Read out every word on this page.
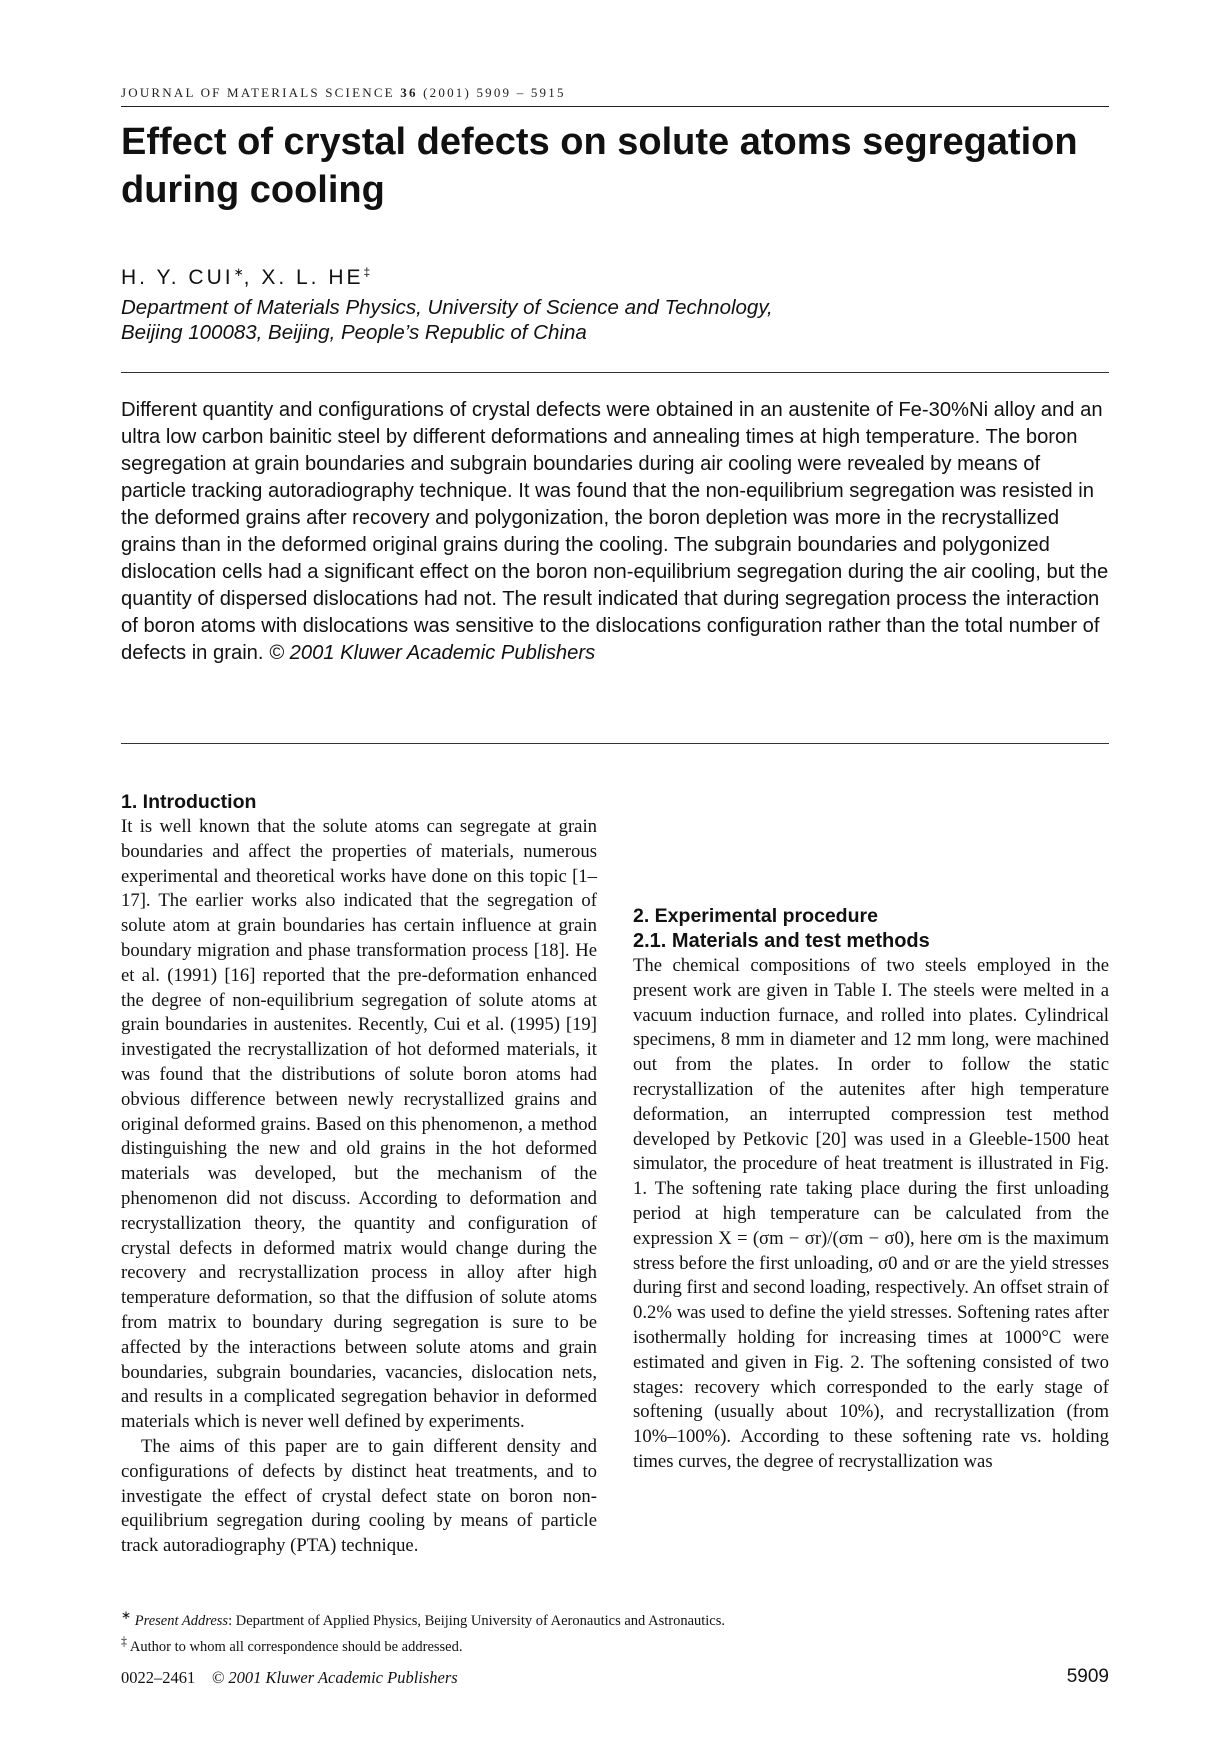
JOURNAL OF MATERIALS SCIENCE 36 (2001) 5909 – 5915
Effect of crystal defects on solute atoms segregation during cooling
H. Y. CUI∗, X. L. HE‡
Department of Materials Physics, University of Science and Technology,
Beijing 100083, Beijing, People’s Republic of China

Different quantity and configurations of crystal defects were obtained in an austenite of Fe-30%Ni alloy and an ultra low carbon bainitic steel by different deformations and annealing times at high temperature. The boron segregation at grain boundaries and subgrain boundaries during air cooling were revealed by means of particle tracking autoradiography technique. It was found that the non-equilibrium segregation was resisted in the deformed grains after recovery and polygonization, the boron depletion was more in the recrystallized grains than in the deformed original grains during the cooling. The subgrain boundaries and polygonized dislocation cells had a significant effect on the boron non-equilibrium segregation during the air cooling, but the quantity of dispersed dislocations had not. The result indicated that during segregation process the interaction of boron atoms with dislocations was sensitive to the dislocations configuration rather than the total number of defects in grain. © 2001 Kluwer Academic Publishers

1. Introduction

It is well known that the solute atoms can segregate at grain boundaries and affect the properties of materials, numerous experimental and theoretical works have done on this topic [1–17]. The earlier works also indicated that the segregation of solute atom at grain boundaries has certain influence at grain boundary migration and phase transformation process [18]. He et al. (1991) [16] reported that the pre-deformation enhanced the degree of non-equilibrium segregation of solute atoms at grain boundaries in austenites. Recently, Cui et al. (1995) [19] investigated the recrystallization of hot deformed materials, it was found that the distributions of solute boron atoms had obvious difference between newly recrystallized grains and original deformed grains. Based on this phenomenon, a method distinguishing the new and old grains in the hot deformed materials was developed, but the mechanism of the phenomenon did not discuss. According to deformation and recrystallization theory, the quantity and configuration of crystal defects in deformed matrix would change during the recovery and recrystallization process in alloy after high temperature deformation, so that the diffusion of solute atoms from matrix to boundary during segregation is sure to be affected by the interactions between solute atoms and grain boundaries, subgrain boundaries, vacancies, dislocation nets, and results in a complicated segregation behavior in deformed materials which is never well defined by experiments.

The aims of this paper are to gain different density and configurations of defects by distinct heat treatments, and to investigate the effect of crystal defect state on boron non-equilibrium segregation during cooling by means of particle track autoradiography (PTA) technique.

2. Experimental procedure
2.1. Materials and test methods

The chemical compositions of two steels employed in the present work are given in Table I. The steels were melted in a vacuum induction furnace, and rolled into plates. Cylindrical specimens, 8 mm in diameter and 12 mm long, were machined out from the plates. In order to follow the static recrystallization of the autenites after high temperature deformation, an interrupted compression test method developed by Petkovic [20] was used in a Gleeble-1500 heat simulator, the procedure of heat treatment is illustrated in Fig. 1. The softening rate taking place during the first unloading period at high temperature can be calculated from the expression X = (σm − σr)/(σm − σ0), here σm is the maximum stress before the first unloading, σ0 and σr are the yield stresses during first and second loading, respectively. An offset strain of 0.2% was used to define the yield stresses. Softening rates after isothermally holding for increasing times at 1000°C were estimated and given in Fig. 2. The softening consisted of two stages: recovery which corresponded to the early stage of softening (usually about 10%), and recrystallization (from 10%–100%). According to these softening rate vs. holding times curves, the degree of recrystallization was

∗ Present Address: Department of Applied Physics, Beijing University of Aeronautics and Astronautics.
‡ Author to whom all correspondence should be addressed.
0022–2461 © 2001 Kluwer Academic Publishers	5909
